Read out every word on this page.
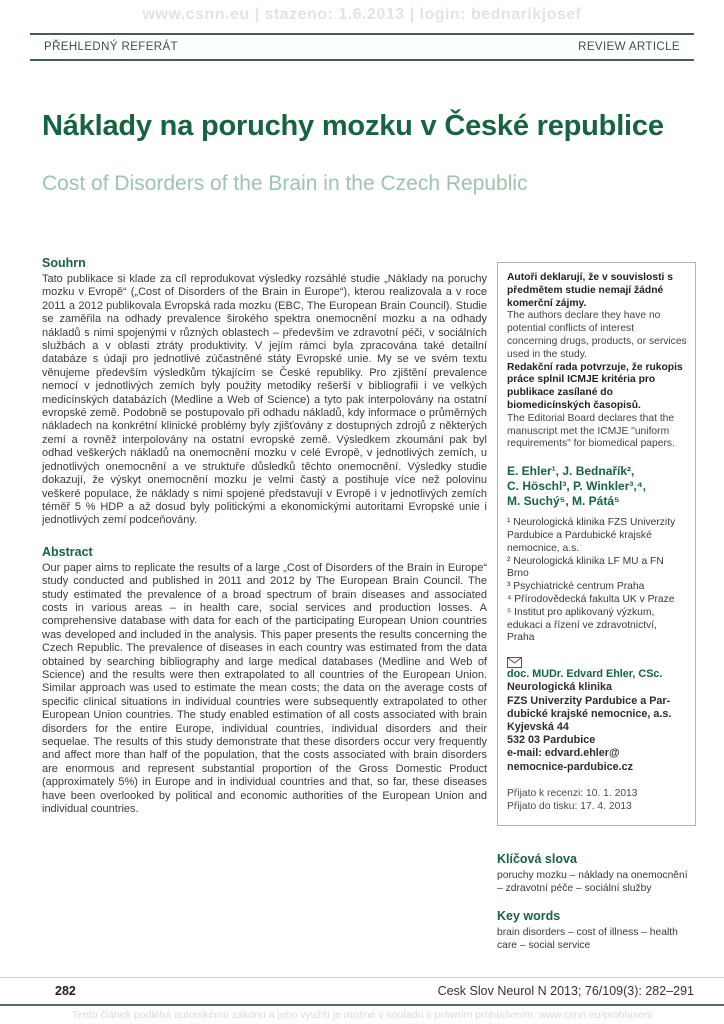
www.csnn.eu | stazeno: 1.6.2013 | login: bednarikjosef
PŘEHLEDNÝ REFERÁT	REVIEW ARTICLE
Náklady na poruchy mozku v České republice
Cost of Disorders of the Brain in the Czech Republic
Souhrn

Tato publikace si klade za cíl reprodukovat výsledky rozsáhlé studie „Náklady na poruchy mozku v Evropě“ („Cost of Disorders of the Brain in Europe“), kterou realizovala a v roce 2011 a 2012 publikovala Evropská rada mozku (EBC, The European Brain Council). Studie se zaměřila na odhady prevalence širokého spektra onemocnění mozku a na odhady nákladů s nimi spojenými v různých oblastech – především ve zdravotní péči, v sociálních službách a v oblasti ztráty produktivity. V jejím rámci byla zpracována také detailní databáze s údaji pro jednotlivé zúčastněné státy Evropské unie. My se ve svém textu věnujeme především výsledkům týkajícím se České republiky. Pro zjištění prevalence nemocí v jednotlivých zemích byly použity metodiky rešerší v bibliografii i ve velkých medicínských databázích (Medline a Web of Science) a tyto pak interpolovány na ostatní evropské země. Podobně se postupovalo při odhadu nákladů, kdy informace o průměrných nákladech na konkrétní klinické problémy byly zjišťovány z dostupných zdrojů z některých zemí a rovněž interpolovány na ostatní evropské země. Výsledkem zkoumání pak byl odhad veškerých nákladů na onemocnění mozku v celé Evropě, v jednotlivých zemích, u jednotlivých onemocnění a ve struktuře důsledků těchto onemocnění. Výsledky studie dokazují, že výskyt onemocnění mozku je velmi častý a postihuje více než polovinu veškeré populace, že náklady s nimi spojené představují v Evropě i v jednotlivých zemích téměř 5 % HDP a až dosud byly politickými a ekonomickými autoritami Evropské unie i jednotlivých zemí podceňovány.

Abstract

Our paper aims to replicate the results of a large „Cost of Disorders of the Brain in Europe“ study conducted and published in 2011 and 2012 by The European Brain Council. The study estimated the prevalence of a broad spectrum of brain diseases and associated costs in various areas – in health care, social services and production losses. A comprehensive database with data for each of the participating European Union countries was developed and included in the analysis. This paper presents the results concerning the Czech Republic. The prevalence of diseases in each country was estimated from the data obtained by searching bibliography and large medical databases (Medline and Web of Science) and the results were then extrapolated to all countries of the European Union. Similar approach was used to estimate the mean costs; the data on the average costs of specific clinical situations in individual countries were subsequently extrapolated to other European Union countries. The study enabled estimation of all costs associated with brain disorders for the entire Europe, individual countries, individual disorders and their sequelae. The results of this study demonstrate that these disorders occur very frequently and affect more than half of the population, that the costs associated with brain disorders are enormous and represent substantial proportion of the Gross Domestic Product (approximately 5%) in Europe and in individual countries and that, so far, these diseases have been overlooked by political and economic authorities of the European Union and individual countries.

Autoři deklarují, že v souvislosti s předmětem studie nemají žádné komerční zájmy.
The authors declare they have no potential conflicts of interest concerning drugs, products, or services used in the study.
Redakční rada potvrzuje, že rukopis práce splnil ICMJE kritéria pro publikace zasílané do biomedicínských časopisů.
The Editorial Board declares that the manuscript met the ICMJE "uniform requirements" for biomedical papers.
E. Ehler¹, J. Bednařík²,
C. Höschl³, P. Winkler³,⁴,
M. Suchý⁵, M. Pátá⁵
¹ Neurologická klinika FZS Univerzity Pardubice a Pardubické krajské nemocnice, a.s.
² Neurologická klinika LF MU a FN Brno
³ Psychiatrické centrum Praha
⁴ Přírodovědecká fakulta UK v Praze
⁵ Institut pro aplikovaný výzkum, edukaci a řízení ve zdravotnictví, Praha
doc. MUDr. Edvard Ehler, CSc.
Neurologická klinika
FZS Univerzity Pardubice a Par-
dubické krajské nemocnice, a.s.
Kyjevská 44
532 03 Pardubice
e-mail: edvard.ehler@
nemocnice-pardubice.cz
Přijato k recenzi: 10. 1. 2013
Přijato do tisku: 17. 4. 2013
Klíčová slova
poruchy mozku – náklady na onemocnění – zdravotní péče – sociální služby
Key words
brain disorders – cost of illness – health care – social service
282	Cesk Slov Neurol N 2013; 76/109(3): 282–291
Tento článek podléhá autorskému zákonu a jeho využití je možné v souladu s právním prohlášením: www.csnn.eu/prohlaseni
